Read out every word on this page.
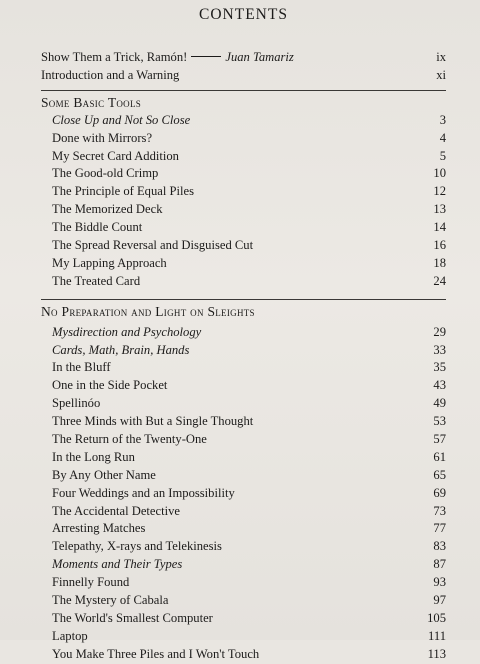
CONTENTS
Show Them a Trick, Ramón!	Juan Tamariz	ix
Introduction and a Warning	xi
Some Basic Tools
Close Up and Not So Close	3
Done with Mirrors?	4
My Secret Card Addition	5
The Good-old Crimp	10
The Principle of Equal Piles	12
The Memorized Deck	13
The Biddle Count	14
The Spread Reversal and Disguised Cut	16
My Lapping Approach	18
The Treated Card	24
No Preparation and Light on Sleights
Mysdirection and Psychology	29
Cards, Math, Brain, Hands	33
In the Bluff	35
One in the Side Pocket	43
Spellinóo	49
Three Minds with But a Single Thought	53
The Return of the Twenty-One	57
In the Long Run	61
By Any Other Name	65
Four Weddings and an Impossibility	69
The Accidental Detective	73
Arresting Matches	77
Telepathy, X-rays and Telekinesis	83
Moments and Their Types	87
Finnelly Found	93
The Mystery of Cabala	97
The World's Smallest Computer	105
Laptop	111
You Make Three Piles and I Won't Touch	113
